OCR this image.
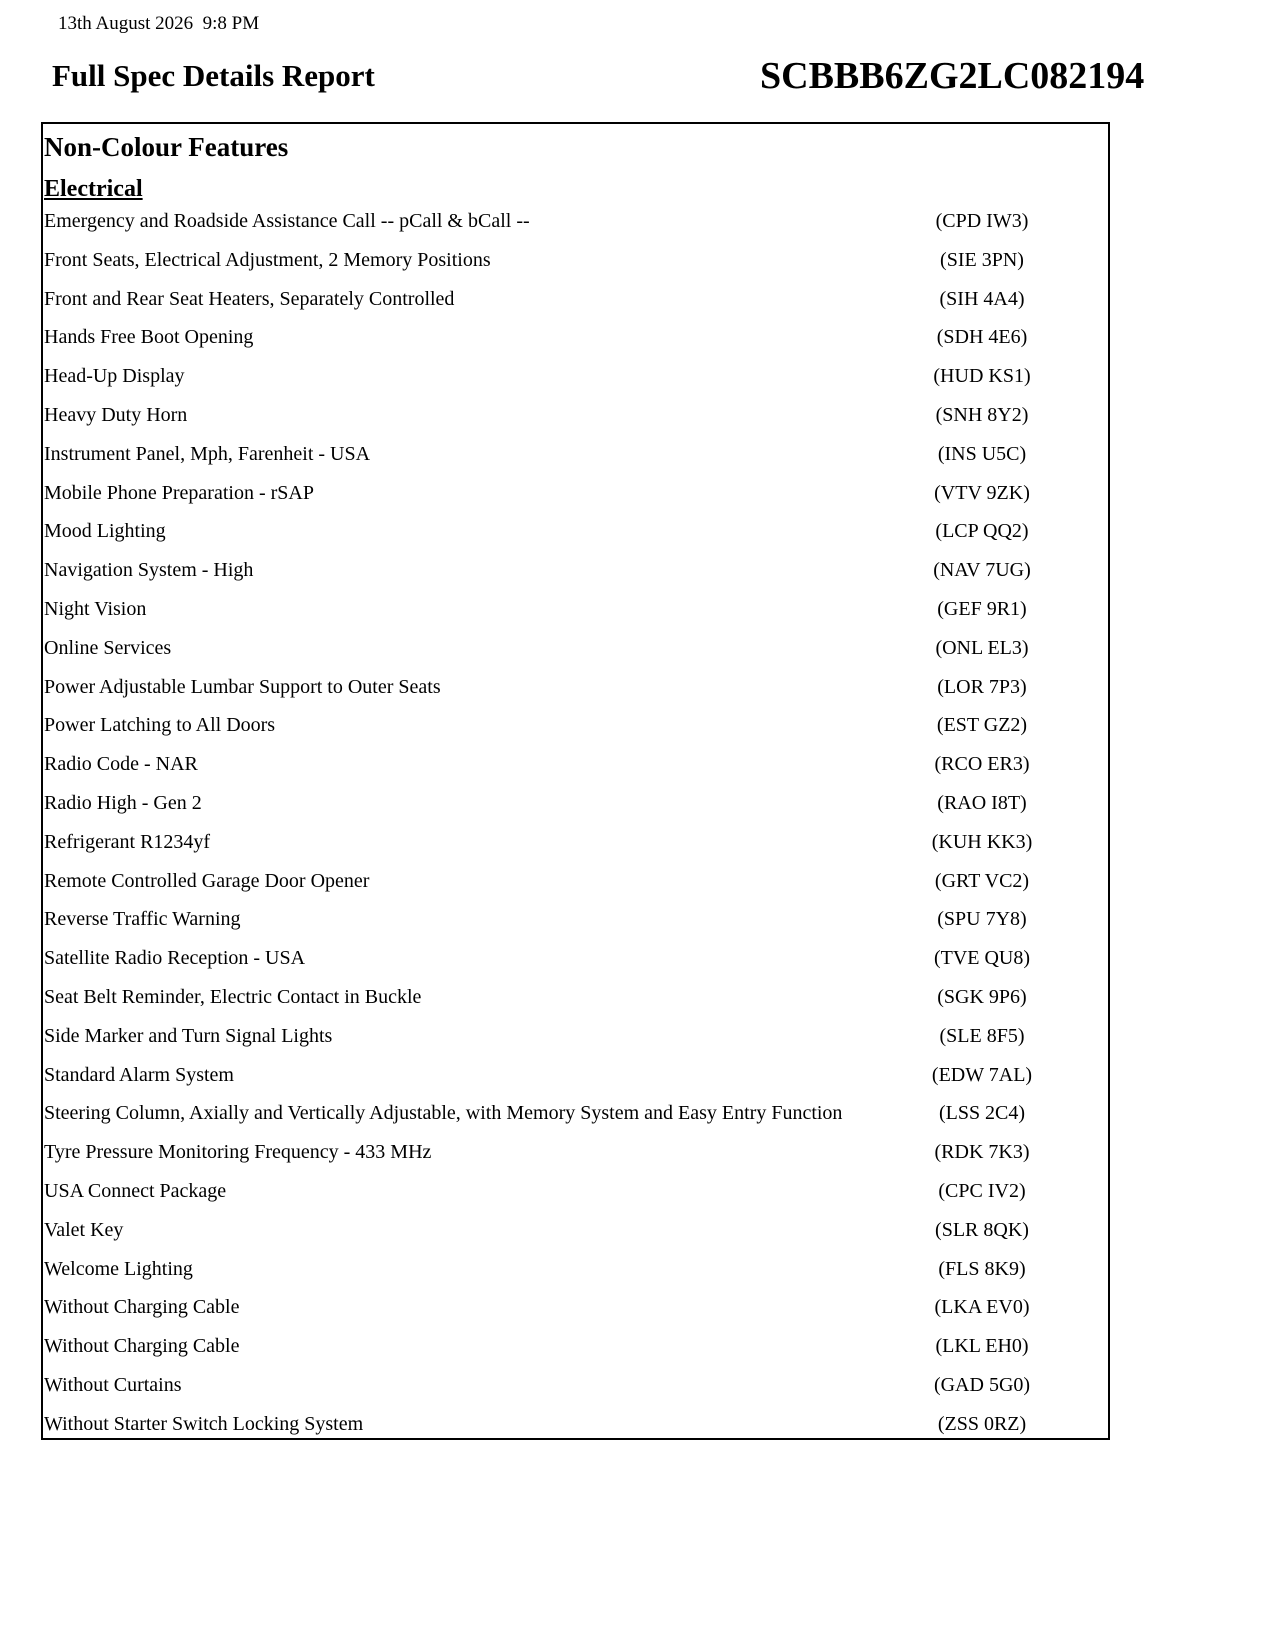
13th August 2026  9:8 PM
Full Spec Details Report	SCBBB6ZG2LC082194
Non-Colour Features
Electrical
Emergency and Roadside Assistance Call -- pCall & bCall --	(CPD IW3)
Front Seats, Electrical Adjustment, 2 Memory Positions	(SIE 3PN)
Front and Rear Seat Heaters, Separately Controlled	(SIH 4A4)
Hands Free Boot Opening	(SDH 4E6)
Head-Up Display	(HUD KS1)
Heavy Duty Horn	(SNH 8Y2)
Instrument Panel, Mph, Farenheit - USA	(INS U5C)
Mobile Phone Preparation - rSAP	(VTV 9ZK)
Mood Lighting	(LCP QQ2)
Navigation System - High	(NAV 7UG)
Night Vision	(GEF 9R1)
Online Services	(ONL EL3)
Power Adjustable Lumbar Support to Outer Seats	(LOR 7P3)
Power Latching to All Doors	(EST GZ2)
Radio Code - NAR	(RCO ER3)
Radio High - Gen 2	(RAO I8T)
Refrigerant R1234yf	(KUH KK3)
Remote Controlled Garage Door Opener	(GRT VC2)
Reverse Traffic Warning	(SPU 7Y8)
Satellite Radio Reception - USA	(TVE QU8)
Seat Belt Reminder, Electric Contact in Buckle	(SGK 9P6)
Side Marker and Turn Signal Lights	(SLE 8F5)
Standard Alarm System	(EDW 7AL)
Steering Column, Axially and Vertically Adjustable, with Memory System and Easy Entry Function	(LSS 2C4)
Tyre Pressure Monitoring Frequency - 433 MHz	(RDK 7K3)
USA Connect Package	(CPC IV2)
Valet Key	(SLR 8QK)
Welcome Lighting	(FLS 8K9)
Without Charging Cable	(LKA EV0)
Without Charging Cable	(LKL EH0)
Without Curtains	(GAD 5G0)
Without Starter Switch Locking System	(ZSS 0RZ)
